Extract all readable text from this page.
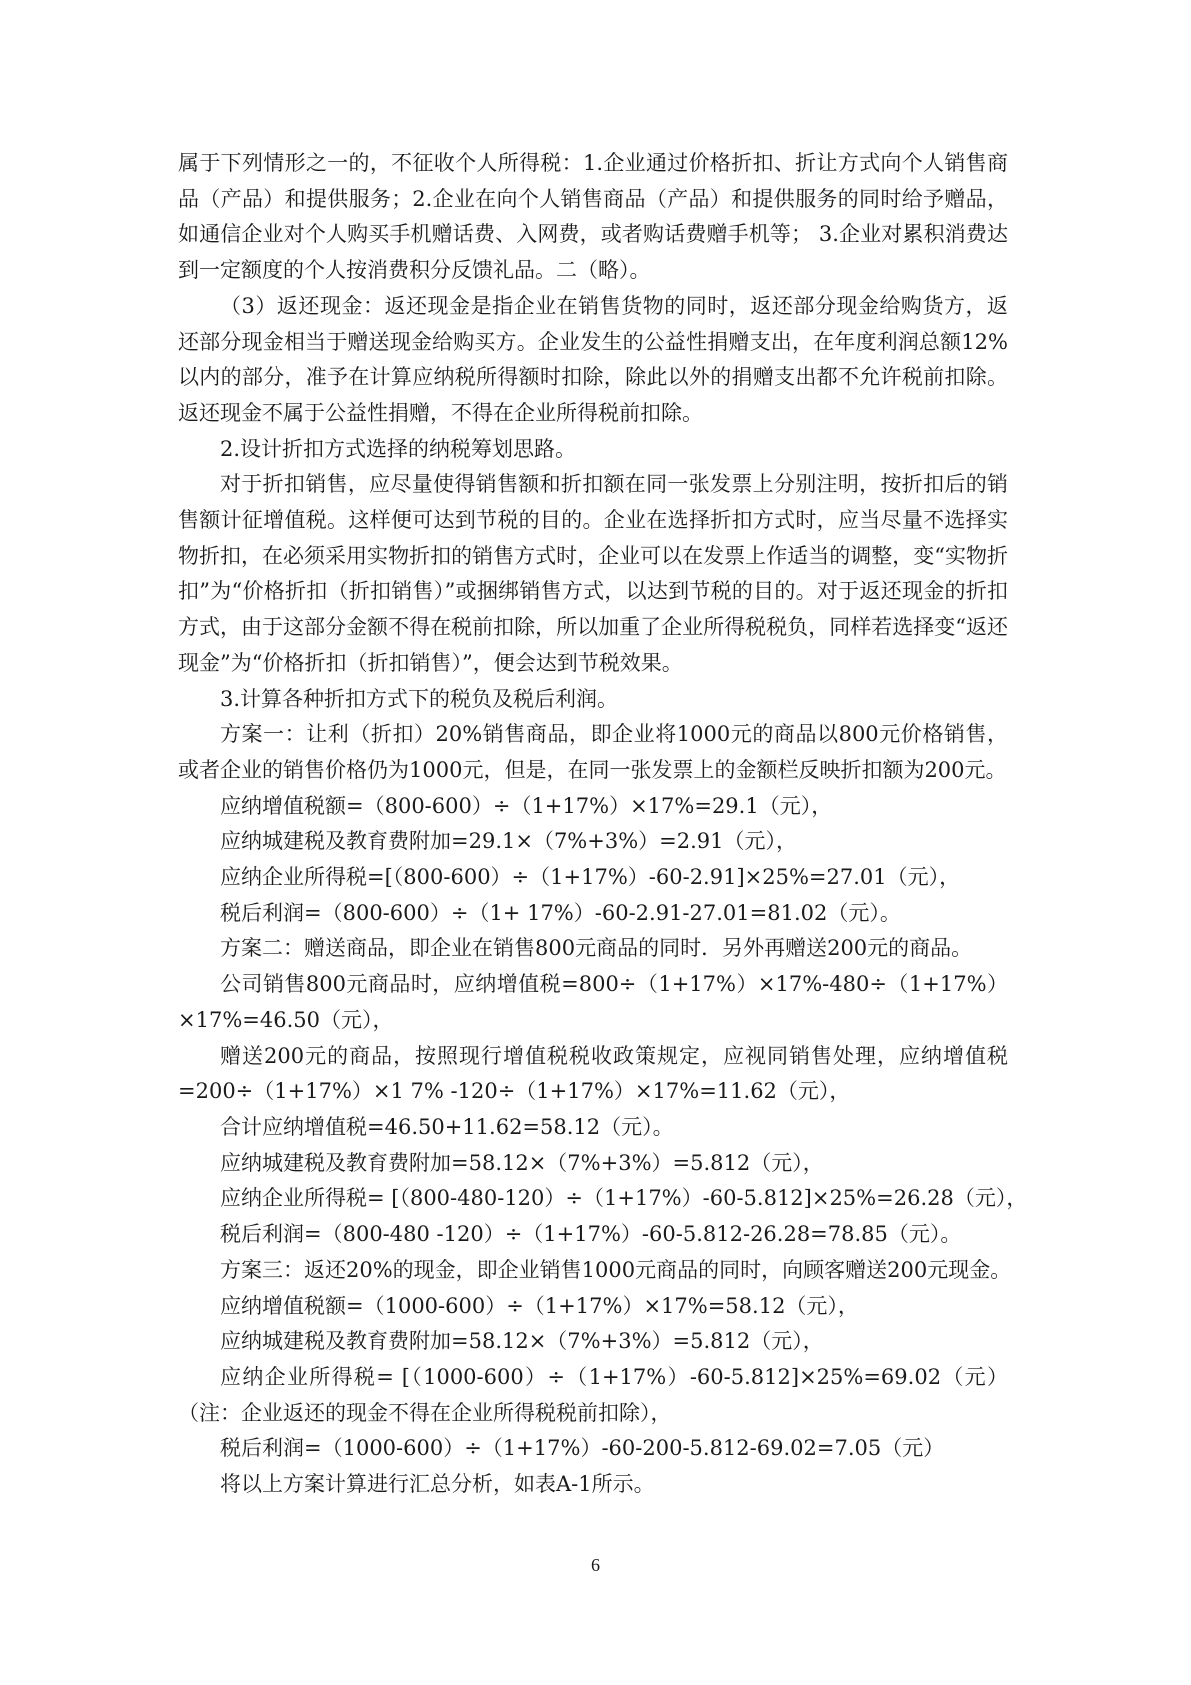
属于下列情形之一的，不征收个人所得税：1.企业通过价格折扣、折让方式向个人销售商品（产品）和提供服务；2.企业在向个人销售商品（产品）和提供服务的同时给予赠品，如通信企业对个人购买手机赠话费、入网费，或者购话费赠手机等； 3.企业对累积消费达到一定额度的个人按消费积分反馈礼品。二（略）。

（3）返还现金：返还现金是指企业在销售货物的同时，返还部分现金给购货方，返还部分现金相当于赠送现金给购买方。企业发生的公益性捐赠支出，在年度利润总额12%以内的部分，准予在计算应纳税所得额时扣除，除此以外的捐赠支出都不允许税前扣除。返还现金不属于公益性捐赠，不得在企业所得税前扣除。

2.设计折扣方式选择的纳税筹划思路。

对于折扣销售，应尽量使得销售额和折扣额在同一张发票上分别注明，按折扣后的销售额计征增值税。这样便可达到节税的目的。企业在选择折扣方式时，应当尽量不选择实物折扣，在必须采用实物折扣的销售方式时，企业可以在发票上作适当的调整，变“实物折扣”为“价格折扣（折扣销售）”或捆绑销售方式，以达到节税的目的。对于返还现金的折扣方式，由于这部分金额不得在税前扣除，所以加重了企业所得税税负，同样若选择变“返还现金”为“价格折扣（折扣销售）”，便会达到节税效果。

3.计算各种折扣方式下的税负及税后利润。

方案一：让利（折扣）20%销售商品，即企业将1000元的商品以800元价格销售，或者企业的销售价格仍为1000元，但是，在同一张发票上的金额栏反映折扣额为200元。

应纳增值税额=（800-600）÷（1+17%）×17%=29.1（元），

应纳城建税及教育费附加=29.1×（7%+3%）=2.91（元），

应纳企业所得税=[（800-600）÷（1+17%）-60-2.91]×25%=27.01（元），

税后利润=（800-600）÷（1+ 17%）-60-2.91-27.01=81.02（元）。

方案二：赠送商品，即企业在销售800元商品的同时．另外再赠送200元的商品。

公司销售800元商品时，应纳增值税=800÷（1+17%）×17%-480÷（1+17%）×17%=46.50（元），

赠送200元的商品，按照现行增值税税收政策规定，应视同销售处理，应纳增值税=200÷（1+17%）×1 7% -120÷（1+17%）×17%=11.62（元），

合计应纳增值税=46.50+11.62=58.12（元）。

应纳城建税及教育费附加=58.12×（7%+3%）=5.812（元），

应纳企业所得税= [（800-480-120）÷（1+17%）-60-5.812]×25%=26.28（元），

税后利润=（800-480 -120）÷（1+17%）-60-5.812-26.28=78.85（元）。

方案三：返还20%的现金，即企业销售1000元商品的同时，向顾客赠送200元现金。

应纳增值税额=（1000-600）÷（1+17%）×17%=58.12（元），

应纳城建税及教育费附加=58.12×（7%+3%）=5.812（元），

应纳企业所得税= [（1000-600）÷（1+17%）-60-5.812]×25%=69.02（元）（注：企业返还的现金不得在企业所得税税前扣除），

税后利润=（1000-600）÷（1+17%）-60-200-5.812-69.02=7.05（元）

将以上方案计算进行汇总分析，如表A-1所示。

6
